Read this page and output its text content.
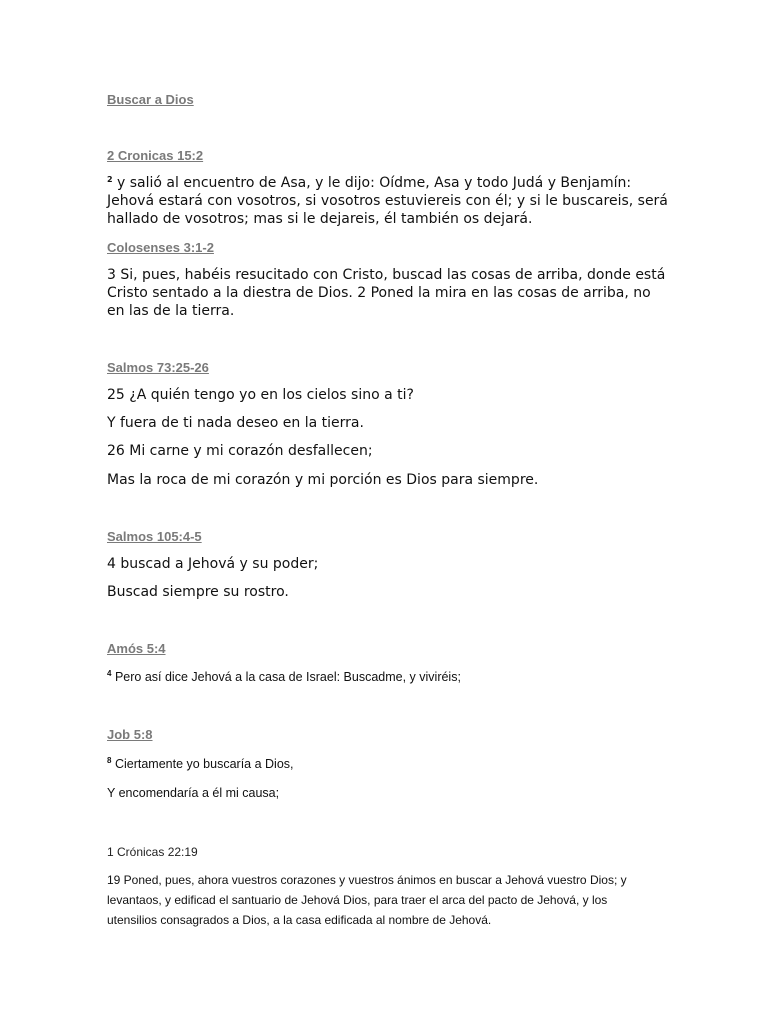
Buscar a Dios
2 Cronicas 15:2
$^2$ y salió al encuentro de Asa, y le dijo: Oídme, Asa y todo Judá y Benjamín:
Jehová estará con vosotros, si vosotros estuviereis con él; y si le buscareis, será
hallado de vosotros; mas si le dejareis, él también os dejará.
Colosenses 3:1-2
3 Si, pues, habéis resucitado con Cristo, buscad las cosas de arriba, donde está
Cristo sentado a la diestra de Dios. 2 Poned la mira en las cosas de arriba, no
en las de la tierra.
Salmos 73:25-26
25 ¿A quién tengo yo en los cielos sino a ti?
Y fuera de ti nada deseo en la tierra.
26 Mi carne y mi corazón desfallecen;
Mas la roca de mi corazón y mi porción es Dios para siempre.
Salmos 105:4-5
4 buscad a Jehová y su poder;
Buscad siempre su rostro.
Amós 5:4
$^4$ Pero así dice Jehová a la casa de Israel: Buscadme, y viviréis;
Job 5:8
$^8$ Ciertamente yo buscaría a Dios,
Y encomendaría a él mi causa;
1 Crónicas 22:19
19 Poned, pues, ahora vuestros corazones y vuestros ánimos en buscar a Jehová vuestro Dios; y
levantaos, y edificad el santuario de Jehová Dios, para traer el arca del pacto de Jehová, y los
utensilios consagrados a Dios, a la casa edificada al nombre de Jehová.
